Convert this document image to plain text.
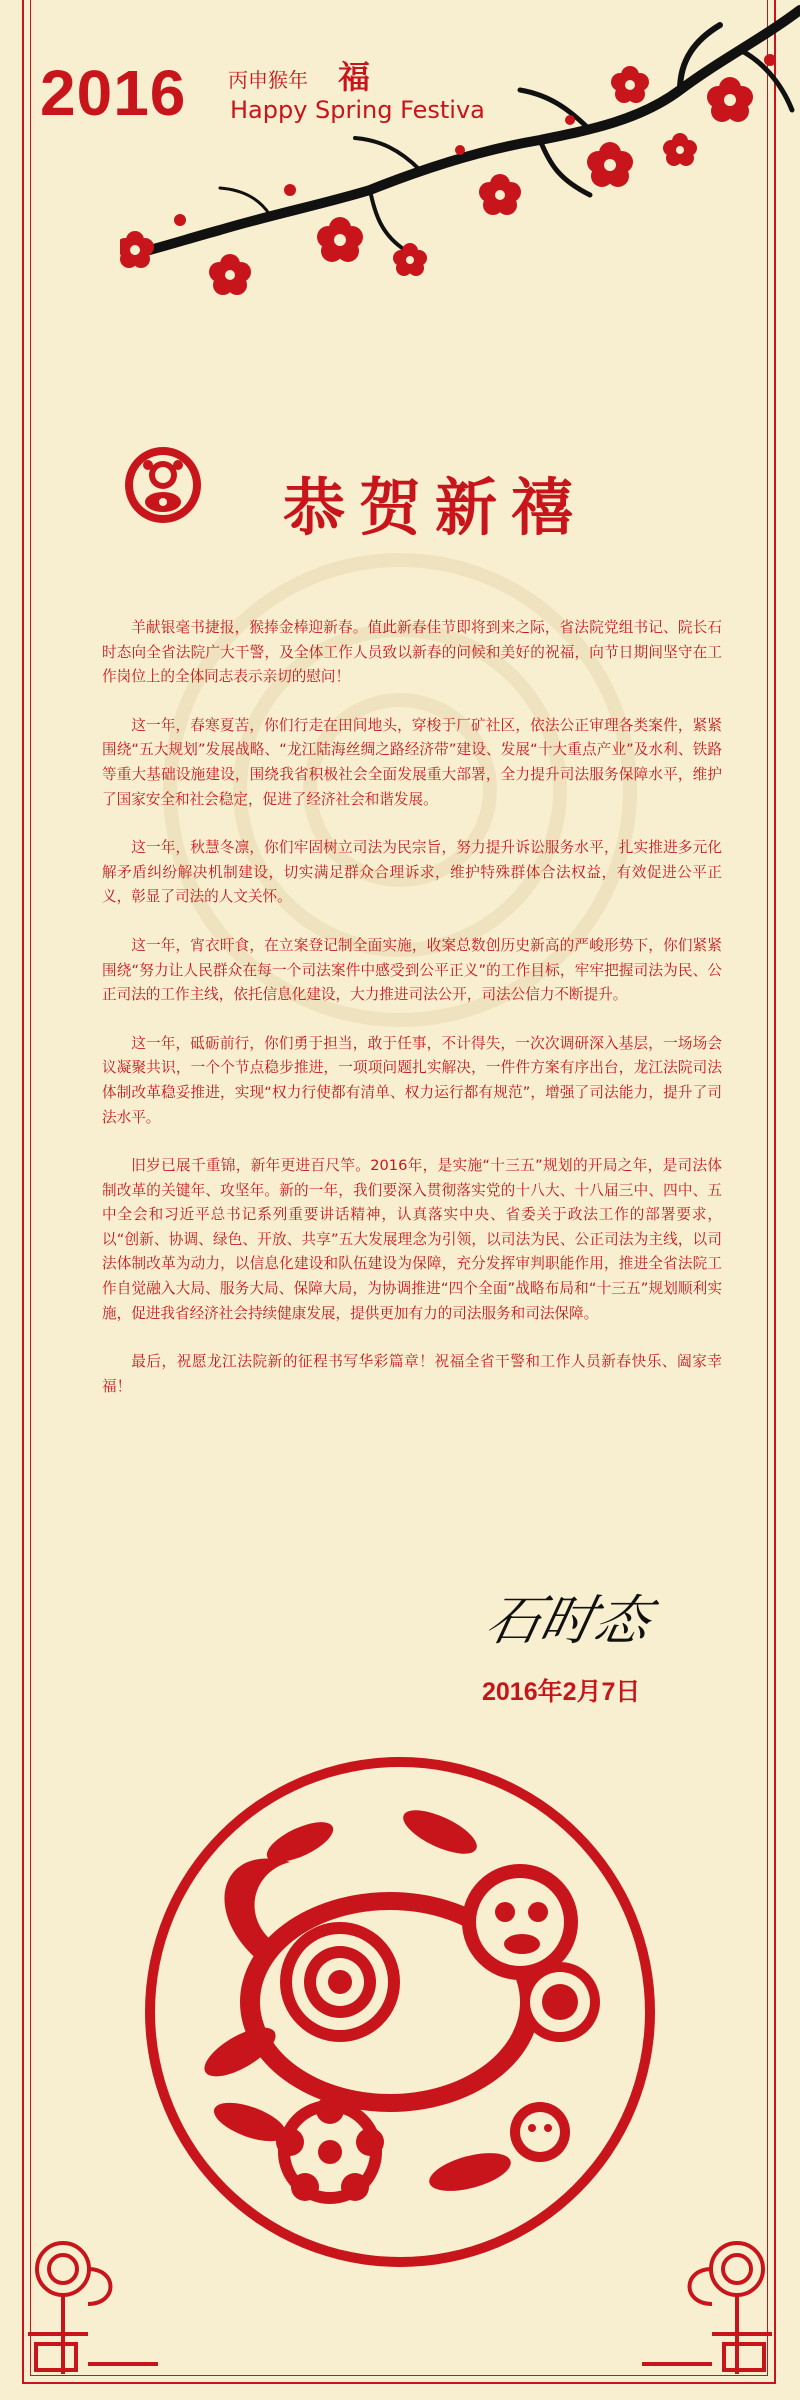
2016 丙申猴年 福
Happy Spring Festiva
恭贺新禧

羊献银毫书捷报，猴捧金棒迎新春。值此新春佳节即将到来之际，省法院党组书记、院长石时态向全省法院广大干警，及全体工作人员致以新春的问候和美好的祝福，向节日期间坚守在工作岗位上的全体同志表示亲切的慰问！

这一年，春寒夏苦，你们行走在田间地头，穿梭于厂矿社区，依法公正审理各类案件，紧紧围绕“五大规划”发展战略、“龙江陆海丝绸之路经济带”建设、发展“十大重点产业”及水利、铁路等重大基础设施建设，围绕我省积极社会全面发展重大部署，全力提升司法服务保障水平，维护了国家安全和社会稳定，促进了经济社会和谐发展。

这一年，秋慧冬凛，你们牢固树立司法为民宗旨，努力提升诉讼服务水平，扎实推进多元化解矛盾纠纷解决机制建设，切实满足群众合理诉求，维护特殊群体合法权益，有效促进公平正义，彰显了司法的人文关怀。

这一年，宵衣旰食，在立案登记制全面实施，收案总数创历史新高的严峻形势下，你们紧紧围绕“努力让人民群众在每一个司法案件中感受到公平正义”的工作目标，牢牢把握司法为民、公正司法的工作主线，依托信息化建设，大力推进司法公开，司法公信力不断提升。

这一年，砥砺前行，你们勇于担当，敢于任事，不计得失，一次次调研深入基层，一场场会议凝聚共识，一个个节点稳步推进，一项项问题扎实解决，一件件方案有序出台，龙江法院司法体制改革稳妥推进，实现“权力行使都有清单、权力运行都有规范”，增强了司法能力，提升了司法水平。

旧岁已展千重锦，新年更进百尺竿。2016年，是实施“十三五”规划的开局之年，是司法体制改革的关键年、攻坚年。新的一年，我们要深入贯彻落实党的十八大、十八届三中、四中、五中全会和习近平总书记系列重要讲话精神，认真落实中央、省委关于政法工作的部署要求，以“创新、协调、绿色、开放、共享”五大发展理念为引领，以司法为民、公正司法为主线，以司法体制改革为动力，以信息化建设和队伍建设为保障，充分发挥审判职能作用，推进全省法院工作自觉融入大局、服务大局、保障大局，为协调推进“四个全面”战略布局和“十三五”规划顺利实施，促进我省经济社会持续健康发展，提供更加有力的司法服务和司法保障。

最后，祝愿龙江法院新的征程书写华彩篇章！祝福全省干警和工作人员新春快乐、阖家幸福！

石时态
2016年2月7日
